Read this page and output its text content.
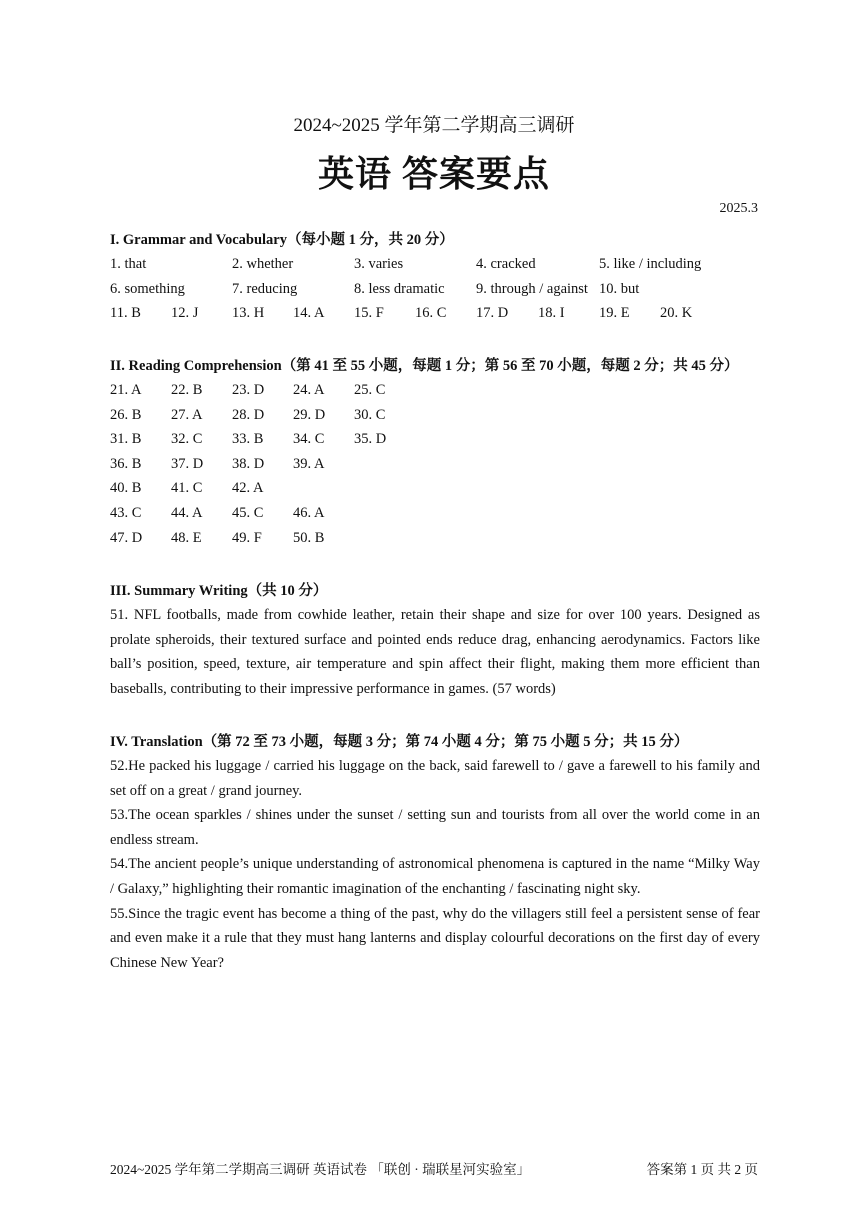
2024~2025 学年第二学期高三调研
英语 答案要点
2025.3
I. Grammar and Vocabulary（每小题 1 分，共 20 分）
1. that	2. whether	3. varies	4. cracked	5. like / including
6. something	7. reducing	8. less dramatic 9. through / against 10. but
11. B 12. J 13. H 14. A 15. F 16. C 17. D 18. I 19. E 20. K
II. Reading Comprehension（第 41 至 55 小题，每题 1 分；第 56 至 70 小题，每题 2 分；共 45 分）
21. A 22. B 23. D 24. A 25. C
26. B 27. A 28. D 29. D 30. C
31. B 32. C 33. B 34. C 35. D
36. B 37. D 38. D 39. A
40. B 41. C 42. A
43. C 44. A 45. C 46. A
47. D 48. E 49. F 50. B
III. Summary Writing（共 10 分）
51. NFL footballs, made from cowhide leather, retain their shape and size for over 100 years. Designed as prolate spheroids, their textured surface and pointed ends reduce drag, enhancing aerodynamics. Factors like ball’s position, speed, texture, air temperature and spin affect their flight, making them more efficient than baseballs, contributing to their impressive performance in games. (57 words)
IV. Translation（第 72 至 73 小题，每题 3 分；第 74 小题 4 分；第 75 小题 5 分；共 15 分）

52.He packed his luggage / carried his luggage on the back, said farewell to / gave a farewell to his family and set off on a great / grand journey.

53.The ocean sparkles / shines under the sunset / setting sun and tourists from all over the world come in an endless stream.

54.The ancient people’s unique understanding of astronomical phenomena is captured in the name “Milky Way / Galaxy,” highlighting their romantic imagination of the enchanting / fascinating night sky.

55.Since the tragic event has become a thing of the past, why do the villagers still feel a persistent sense of fear and even make it a rule that they must hang lanterns and display colourful decorations on the first day of every Chinese New Year?

2024~2025 学年第二学期高三调研 英语试卷 「联创 · 瑞联星河实验室」	答案第 1 页 共 2 页
